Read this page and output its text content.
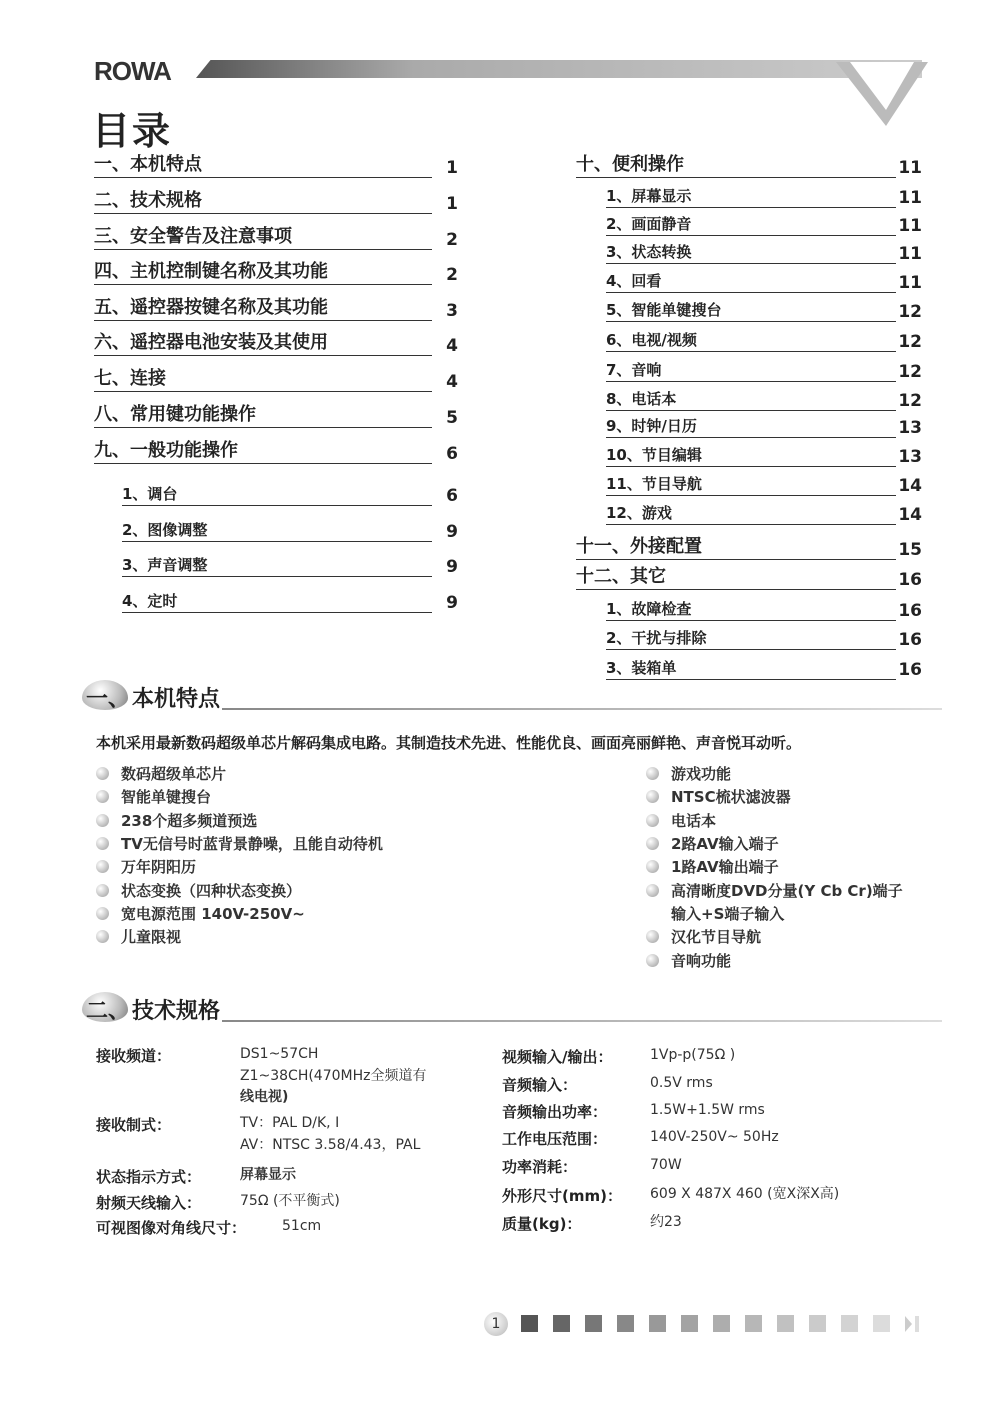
ROWA
目录
一、本机特点	1
二、技术规格	1
三、安全警告及注意事项	2
四、主机控制键名称及其功能	2
五、遥控器按键名称及其功能	3
六、遥控器电池安装及其使用	4
七、连接	4
八、常用键功能操作	5
九、一般功能操作	6
1、调台	6
2、图像调整	9
3、声音调整	9
4、定时	9
十、便利操作	11
1、屏幕显示	11
2、画面静音	11
3、状态转换	11
4、回看	11
5、智能单键搜台	12
6、电视/视频	12
7、音响	12
8、电话本	12
9、时钟/日历	13
10、节目编辑	13
11、节目导航	14
12、游戏	14
十一、外接配置	15
十二、其它	16
1、故障检查	16
2、干扰与排除	16
3、装箱单	16
一、 本机特点
本机采用最新数码超级单芯片解码集成电路。其制造技术先进、性能优良、画面亮丽鲜艳、声音悦耳动听。
数码超级单芯片
智能单键搜台
238个超多频道预选
TV无信号时蓝背景静噪，且能自动待机
万年阴阳历
状态变换（四种状态变换）
宽电源范围 140V-250V~
儿童限视
游戏功能
NTSC梳状滤波器
电话本
2路AV输入端子
1路AV输出端子
高清晰度DVD分量(Y Cb Cr)端子
输入+S端子输入
汉化节目导航
音响功能
二、 技术规格
接收频道：	DS1~57CH
Z1~38CH(470MHz全频道有
线电视)
接收制式：	TV：PAL D/K, I
AV：NTSC 3.58/4.43，PAL
状态指示方式：	屏幕显示
射频天线输入：	75Ω (不平衡式)
可视图像对角线尺寸：	51cm
视频输入/输出：	1Vp-p(75Ω )
音频输入：	0.5V rms
音频输出功率：	1.5W+1.5W rms
工作电压范围：	140V-250V~ 50Hz
功率消耗：	70W
外形尺寸(mm)： 609 X 487X 460 (宽X深X高)
质量(kg)：	约23
1
